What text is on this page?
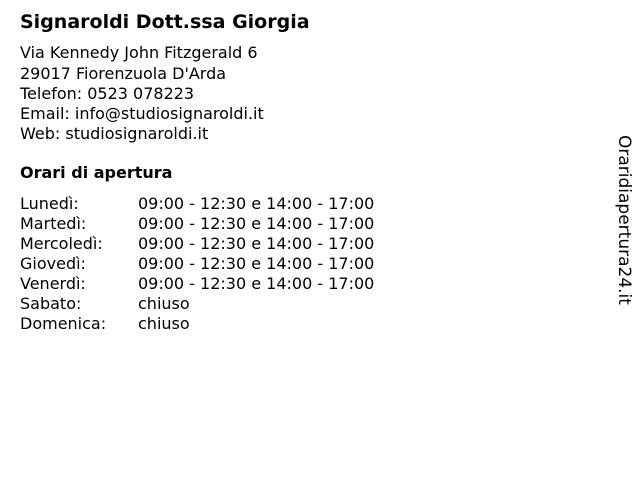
Signaroldi Dott.ssa Giorgia
Via Kennedy John Fitzgerald 6
29017 Fiorenzuola D'Arda
Telefon: 0523 078223
Email: info@studiosignaroldi.it
Web: studiosignaroldi.it
Orari di apertura
Lunedì:	09:00 - 12:30 e 14:00 - 17:00
Martedì:	09:00 - 12:30 e 14:00 - 17:00
Mercoledì: 09:00 - 12:30 e 14:00 - 17:00
Giovedì:	09:00 - 12:30 e 14:00 - 17:00
Venerdì:	09:00 - 12:30 e 14:00 - 17:00
Sabato:	chiuso
Domenica: chiuso
Oraridiapertura24.it
